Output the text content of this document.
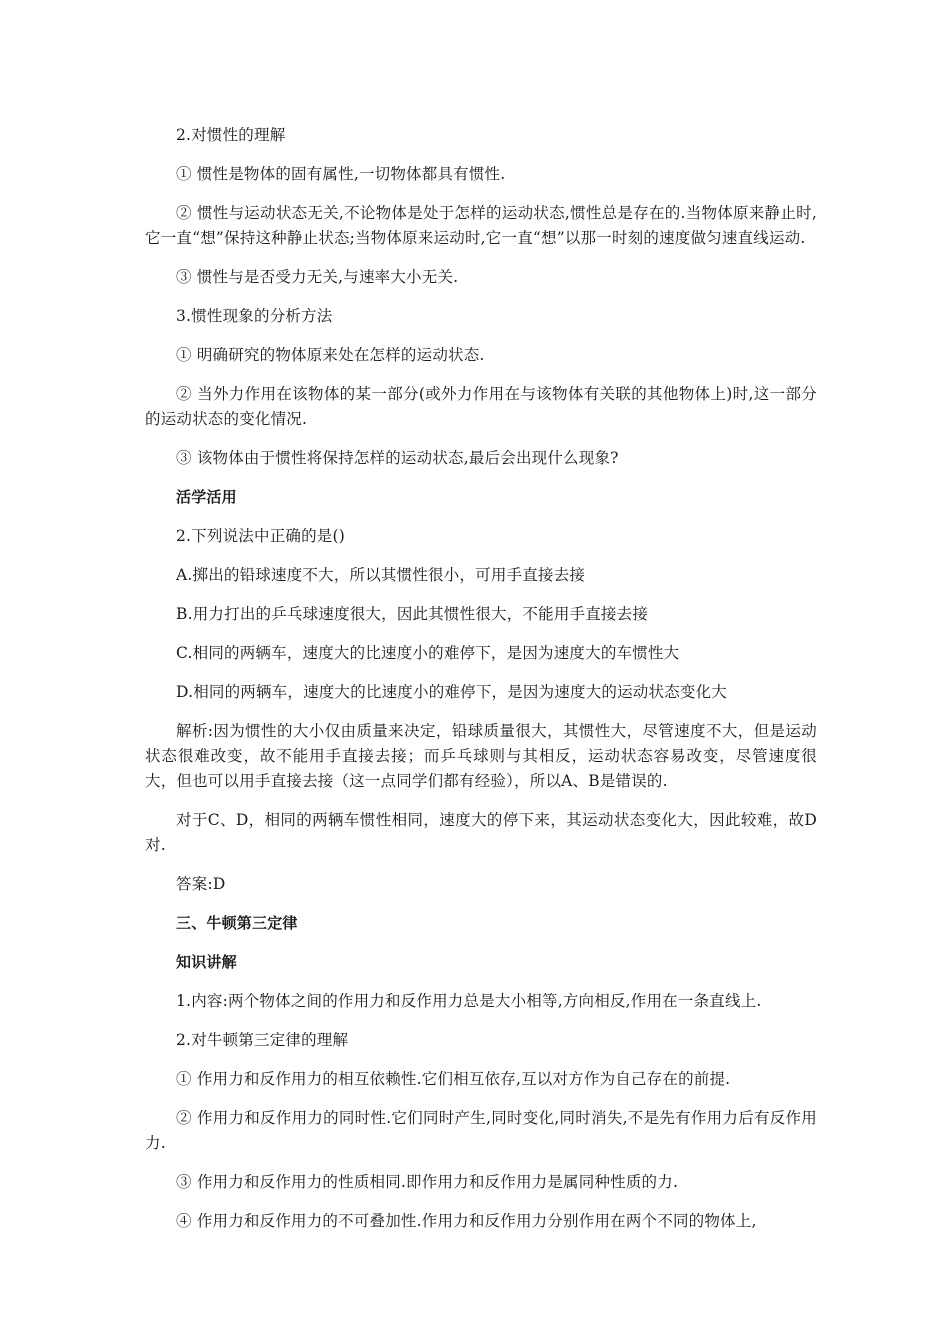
2.对惯性的理解

① 惯性是物体的固有属性,一切物体都具有惯性.

② 惯性与运动状态无关,不论物体是处于怎样的运动状态,惯性总是存在的.当物体原来静止时,它一直“想”保持这种静止状态;当物体原来运动时,它一直“想”以那一时刻的速度做匀速直线运动.

③ 惯性与是否受力无关,与速率大小无关.

3.惯性现象的分析方法

① 明确研究的物体原来处在怎样的运动状态.

② 当外力作用在该物体的某一部分(或外力作用在与该物体有关联的其他物体上)时,这一部分的运动状态的变化情况.

③ 该物体由于惯性将保持怎样的运动状态,最后会出现什么现象?

活学活用

2.下列说法中正确的是()

A.掷出的铅球速度不大，所以其惯性很小，可用手直接去接

B.用力打出的乒乓球速度很大，因此其惯性很大，不能用手直接去接

C.相同的两辆车，速度大的比速度小的难停下，是因为速度大的车惯性大

D.相同的两辆车，速度大的比速度小的难停下，是因为速度大的运动状态变化大

解析:因为惯性的大小仅由质量来决定，铅球质量很大，其惯性大，尽管速度不大，但是运动状态很难改变，故不能用手直接去接；而乒乓球则与其相反，运动状态容易改变，尽管速度很大，但也可以用手直接去接（这一点同学们都有经验），所以A、B是错误的.

对于C、D，相同的两辆车惯性相同，速度大的停下来，其运动状态变化大，因此较难，故D对.

答案:D

三、牛顿第三定律

知识讲解

1.内容:两个物体之间的作用力和反作用力总是大小相等,方向相反,作用在一条直线上.

2.对牛顿第三定律的理解

① 作用力和反作用力的相互依赖性.它们相互依存,互以对方作为自己存在的前提.

② 作用力和反作用力的同时性.它们同时产生,同时变化,同时消失,不是先有作用力后有反作用力.

③ 作用力和反作用力的性质相同.即作用力和反作用力是属同种性质的力.

④ 作用力和反作用力的不可叠加性.作用力和反作用力分别作用在两个不同的物体上,
